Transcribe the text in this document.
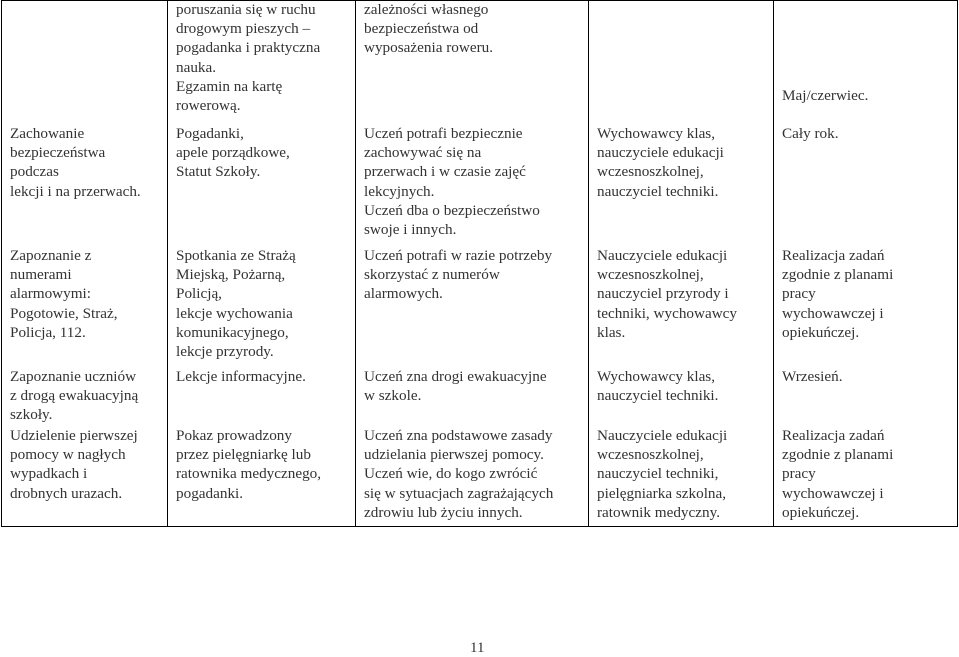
poruszania się w ruchu
drogowym pieszych –
pogadanka i praktyczna
nauka.
Egzamin na kartę
rowerową.
zależności własnego
bezpieczeństwa od
wyposażenia roweru.
Maj/czerwiec.
Zachowanie
bezpieczeństwa
podczas
lekcji i na przerwach.
Pogadanki,
apele porządkowe,
Statut Szkoły.
Uczeń potrafi bezpiecznie
zachowywać się na
przerwach i w czasie zajęć
lekcyjnych.
Uczeń dba o bezpieczeństwo
swoje i innych.
Wychowawcy klas,
nauczyciele edukacji
wczesnoszkolnej,
nauczyciel techniki.
Cały rok.
Zapoznanie z
numerami
alarmowymi:
Pogotowie, Straż,
Policja, 112.
Spotkania ze Strażą
Miejską, Pożarną,
Policją,
lekcje wychowania
komunikacyjnego,
lekcje przyrody.
Uczeń potrafi w razie potrzeby
skorzystać z numerów
alarmowych.
Nauczyciele edukacji
wczesnoszkolnej,
nauczyciel przyrody i
techniki, wychowawcy
klas.
Realizacja zadań
zgodnie z planami
pracy
wychowawczej i
opiekuńczej.
Zapoznanie uczniów
z drogą ewakuacyjną
szkoły.
Lekcje informacyjne.	Uczeń zna drogi ewakuacyjne
w szkole.
Wychowawcy klas,
nauczyciel techniki.
Wrzesień.
Udzielenie pierwszej
pomocy w nagłych
wypadkach i
drobnych urazach.
Pokaz prowadzony
przez pielęgniarkę lub
ratownika medycznego,
pogadanki.
Uczeń zna podstawowe zasady
udzielania pierwszej pomocy.
Uczeń wie, do kogo zwrócić
się w sytuacjach zagrażających
zdrowiu lub życiu innych.
Nauczyciele edukacji
wczesnoszkolnej,
nauczyciel techniki,
pielęgniarka szkolna,
ratownik medyczny.
Realizacja zadań
zgodnie z planami
pracy
wychowawczej i
opiekuńczej.
11
